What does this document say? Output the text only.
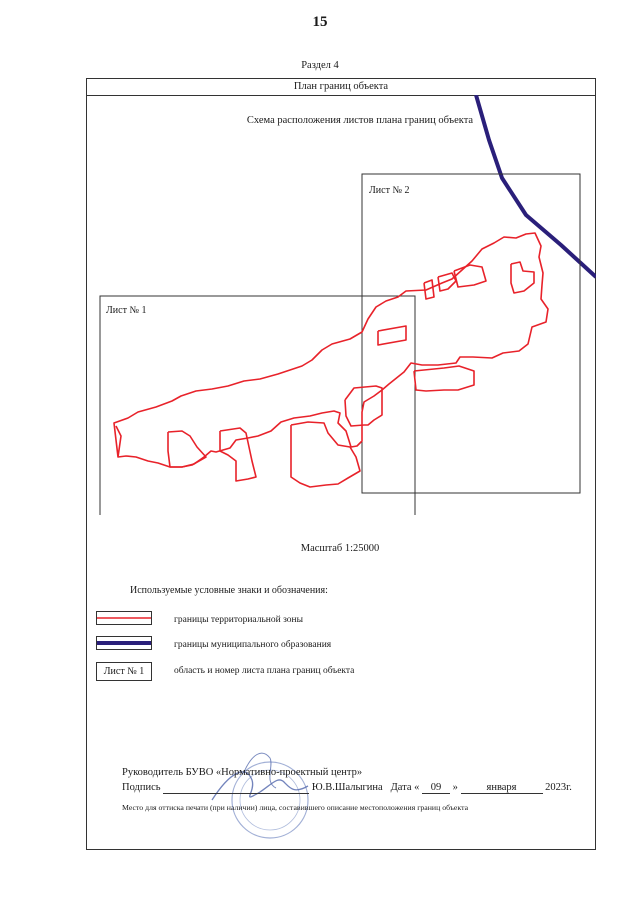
15
Раздел 4
План границ объекта
Схема расположения листов плана границ объекта
Лист № 2
Лист № 1
Масштаб 1:25000
Используемые условные знаки и обозначения:
границы территориальной зоны
границы муниципального образования
Лист № 1	область и номер листа плана границ объекта
Руководитель БУВО «Нормативно-проектный центр»
Подпись	Ю.В.Шалыгина Дата « 09 »	января	2023г.
Место для оттиска печати (при наличии) лица, составившего описание местоположения границ объекта
